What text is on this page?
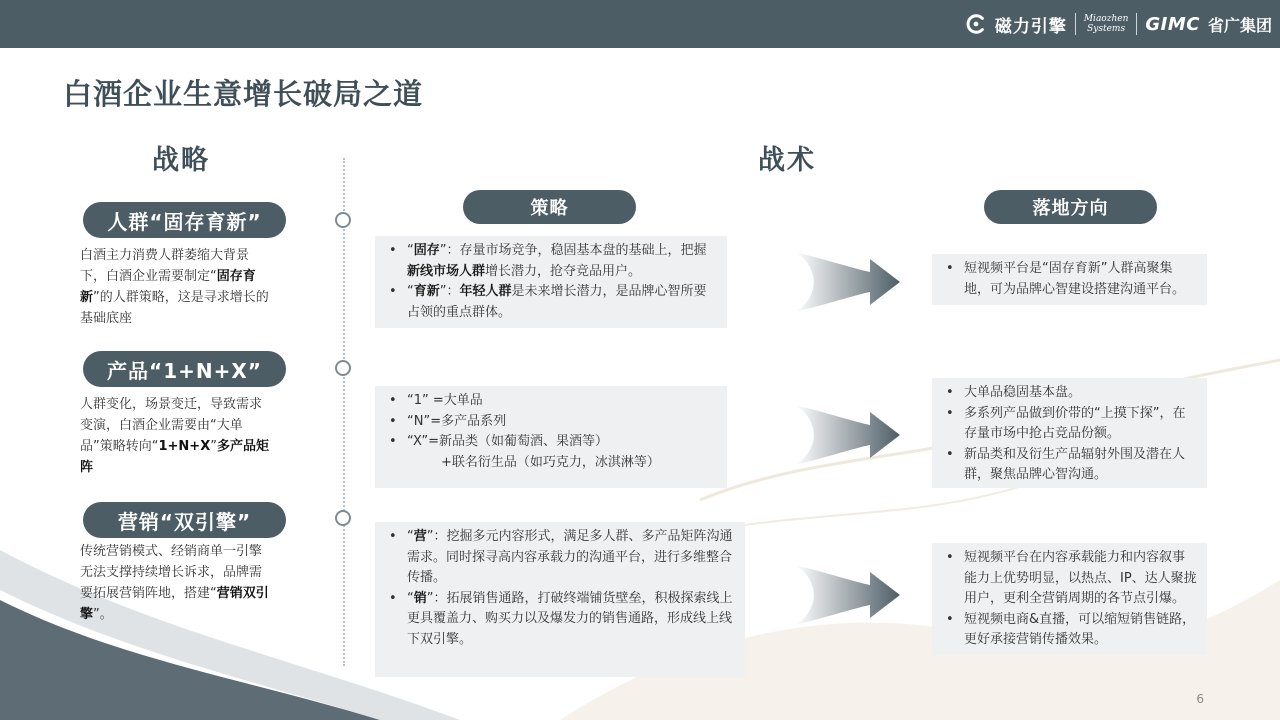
磁力引擎 Miaozhen
Systems GIMC 省广集团
白酒企业生意增长破局之道
战略	战术
策略	落地方向
人群“固存育新”
产品“1+N+X”
营销“双引擎”
白酒主力消费人群萎缩大背景下，白酒企业需要制定“固存育新”的人群策略，这是寻求增长的基础底座
人群变化，场景变迁，导致需求变演，白酒企业需要由“大单品”策略转向“1+N+X”多产品矩阵
传统营销模式、经销商单一引擎无法支撑持续增长诉求，品牌需要拓展营销阵地，搭建“营销双引擎”。
• “固存”：存量市场竞争，稳固基本盘的基础上，把握新线市场人群增长潜力，抢夺竞品用户。
• “育新”：年轻人群是未来增长潜力，是品牌心智所要占领的重点群体。
• “1” =大单品
• “N”=多产品系列
• “X”=新品类（如葡萄酒、果酒等）
+联名衍生品（如巧克力，冰淇淋等）
• “营”：挖掘多元内容形式，满足多人群、多产品矩阵沟通需求。同时探寻高内容承载力的沟通平台，进行多维整合传播。
• “销”：拓展销售通路，打破终端铺货壁垒，积极探索线上更具覆盖力、购买力以及爆发力的销售通路，形成线上线下双引擎。
• 短视频平台是“固存育新”人群高聚集地，可为品牌心智建设搭建沟通平台。
• 大单品稳固基本盘。
• 多系列产品做到价带的“上摸下探”，在存量市场中抢占竞品份额。
• 新品类和及衍生产品辐射外围及潜在人群，聚焦品牌心智沟通。
• 短视频平台在内容承载能力和内容叙事能力上优势明显，以热点、IP、达人聚拢用户，更利全营销周期的各节点引爆。
• 短视频电商&直播，可以缩短销售链路，更好承接营销传播效果。
6
